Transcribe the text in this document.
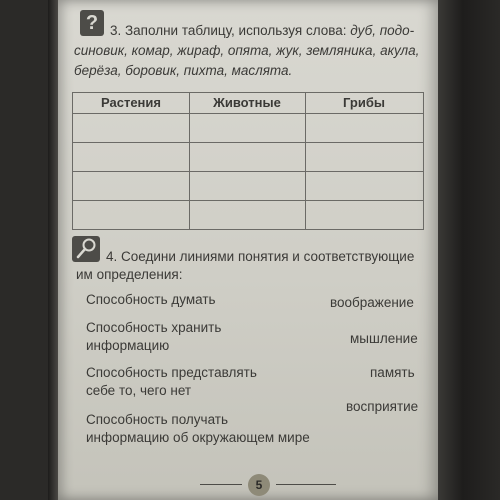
? 3. Заполни таблицу, используя слова: дуб, подо-
синовик, комар, жираф, опята, жук, земляника, акула,
берёза, боровик, пихта, маслята.
Растения	Животные	Грибы
4. Соедини линиями понятия и соответствующие
им определения:
Способность думать
Способность хранить
информацию
Способность представлять
себе то, чего нет
Способность получать
информацию об окружающем мире
воображение
мышление
память
восприятие
5
